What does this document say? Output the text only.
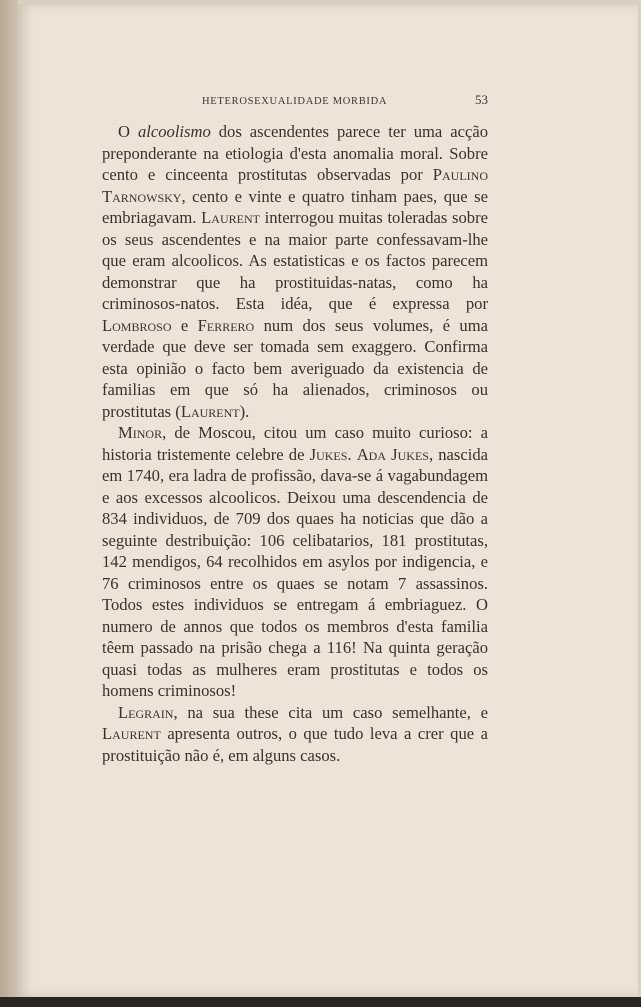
HETEROSEXUALIDADE MORBIDA	53

O alcoolismo dos ascendentes parece ter uma acção preponderante na etiologia d'esta anomalia moral. Sobre cento e cinceenta prostitutas observadas por Paulino Tarnowsky, cento e vinte e quatro tinham paes, que se embriagavam. Laurent interrogou muitas toleradas sobre os seus ascendentes e na maior parte confessavam-lhe que eram alcoolicos. As estatisticas e os factos parecem demonstrar que ha prostituidas-natas, como ha criminosos-natos. Esta idéa, que é expressa por Lombroso e Ferrero num dos seus volumes, é uma verdade que deve ser tomada sem exaggero. Confirma esta opinião o facto bem averiguado da existencia de familias em que só ha alienados, criminosos ou prostitutas (Laurent).

Minor, de Moscou, citou um caso muito curioso: a historia tristemente celebre de Jukes. Ada Jukes, nascida em 1740, era ladra de profissão, dava-se á vagabundagem e aos excessos alcoolicos. Deixou uma descendencia de 834 individuos, de 709 dos quaes ha noticias que dão a seguinte destribuição: 106 celibatarios, 181 prostitutas, 142 mendigos, 64 recolhidos em asylos por indigencia, e 76 criminosos entre os quaes se notam 7 assassinos. Todos estes individuos se entregam á embriaguez. O numero de annos que todos os membros d'esta familia têem passado na prisão chega a 116! Na quinta geração quasi todas as mulheres eram prostitutas e todos os homens criminosos!

Legrain, na sua these cita um caso semelhante, e Laurent apresenta outros, o que tudo leva a crer que a prostituição não é, em alguns casos.
